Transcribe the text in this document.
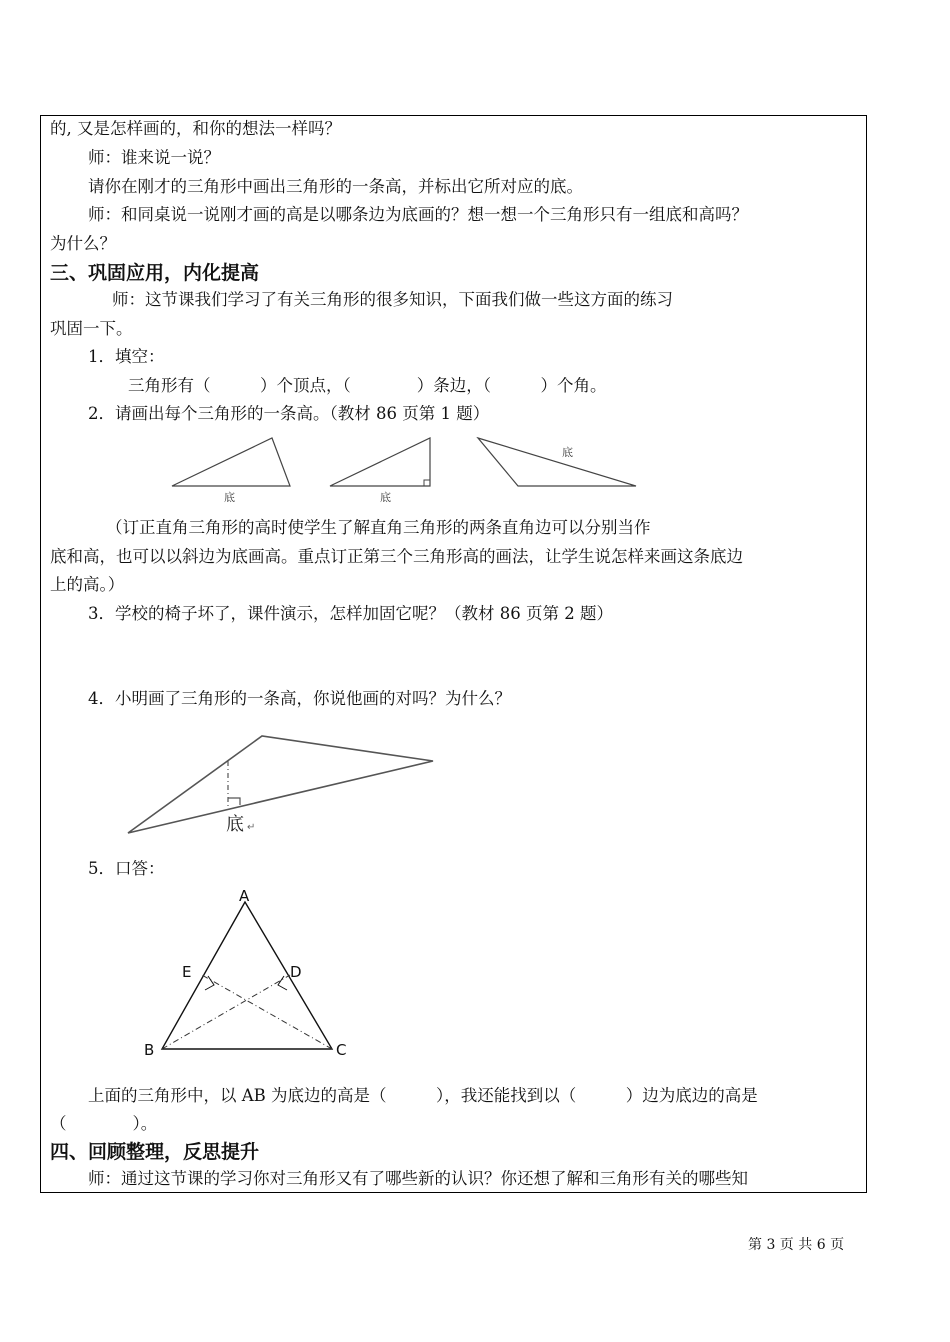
的, 又是怎样画的，和你的想法一样吗？
师：谁来说一说？
请你在刚才的三角形中画出三角形的一条高，并标出它所对应的底。
师：和同桌说一说刚才画的高是以哪条边为底画的？想一想一个三角形只有一组底和高吗？
为什么？
三、巩固应用，内化提高
师：这节课我们学习了有关三角形的很多知识，下面我们做一些这方面的练习
巩固一下。
1．填空：
三角形有（　　　）个顶点，（　　　　）条边，（　　　）个角。
2．请画出每个三角形的一条高。（教材 86 页第 1 题）
底	底
底
（订正直角三角形的高时使学生了解直角三角形的两条直角边可以分别当作
底和高，也可以以斜边为底画高。重点订正第三个三角形高的画法，让学生说怎样来画这条底边
上的高。）
3．学校的椅子坏了，课件演示，怎样加固它呢？（教材 86 页第 2 题）
4．小明画了三角形的一条高，你说他画的对吗？为什么？
底 ↵
5．口答：
A
E	D
B	C
上面的三角形中，以 AB 为底边的高是（　　　），我还能找到以（　　　）边为底边的高是
（　　　　）。
四、回顾整理，反思提升
师：通过这节课的学习你对三角形又有了哪些新的认识？你还想了解和三角形有关的哪些知
第 3 页 共 6 页
